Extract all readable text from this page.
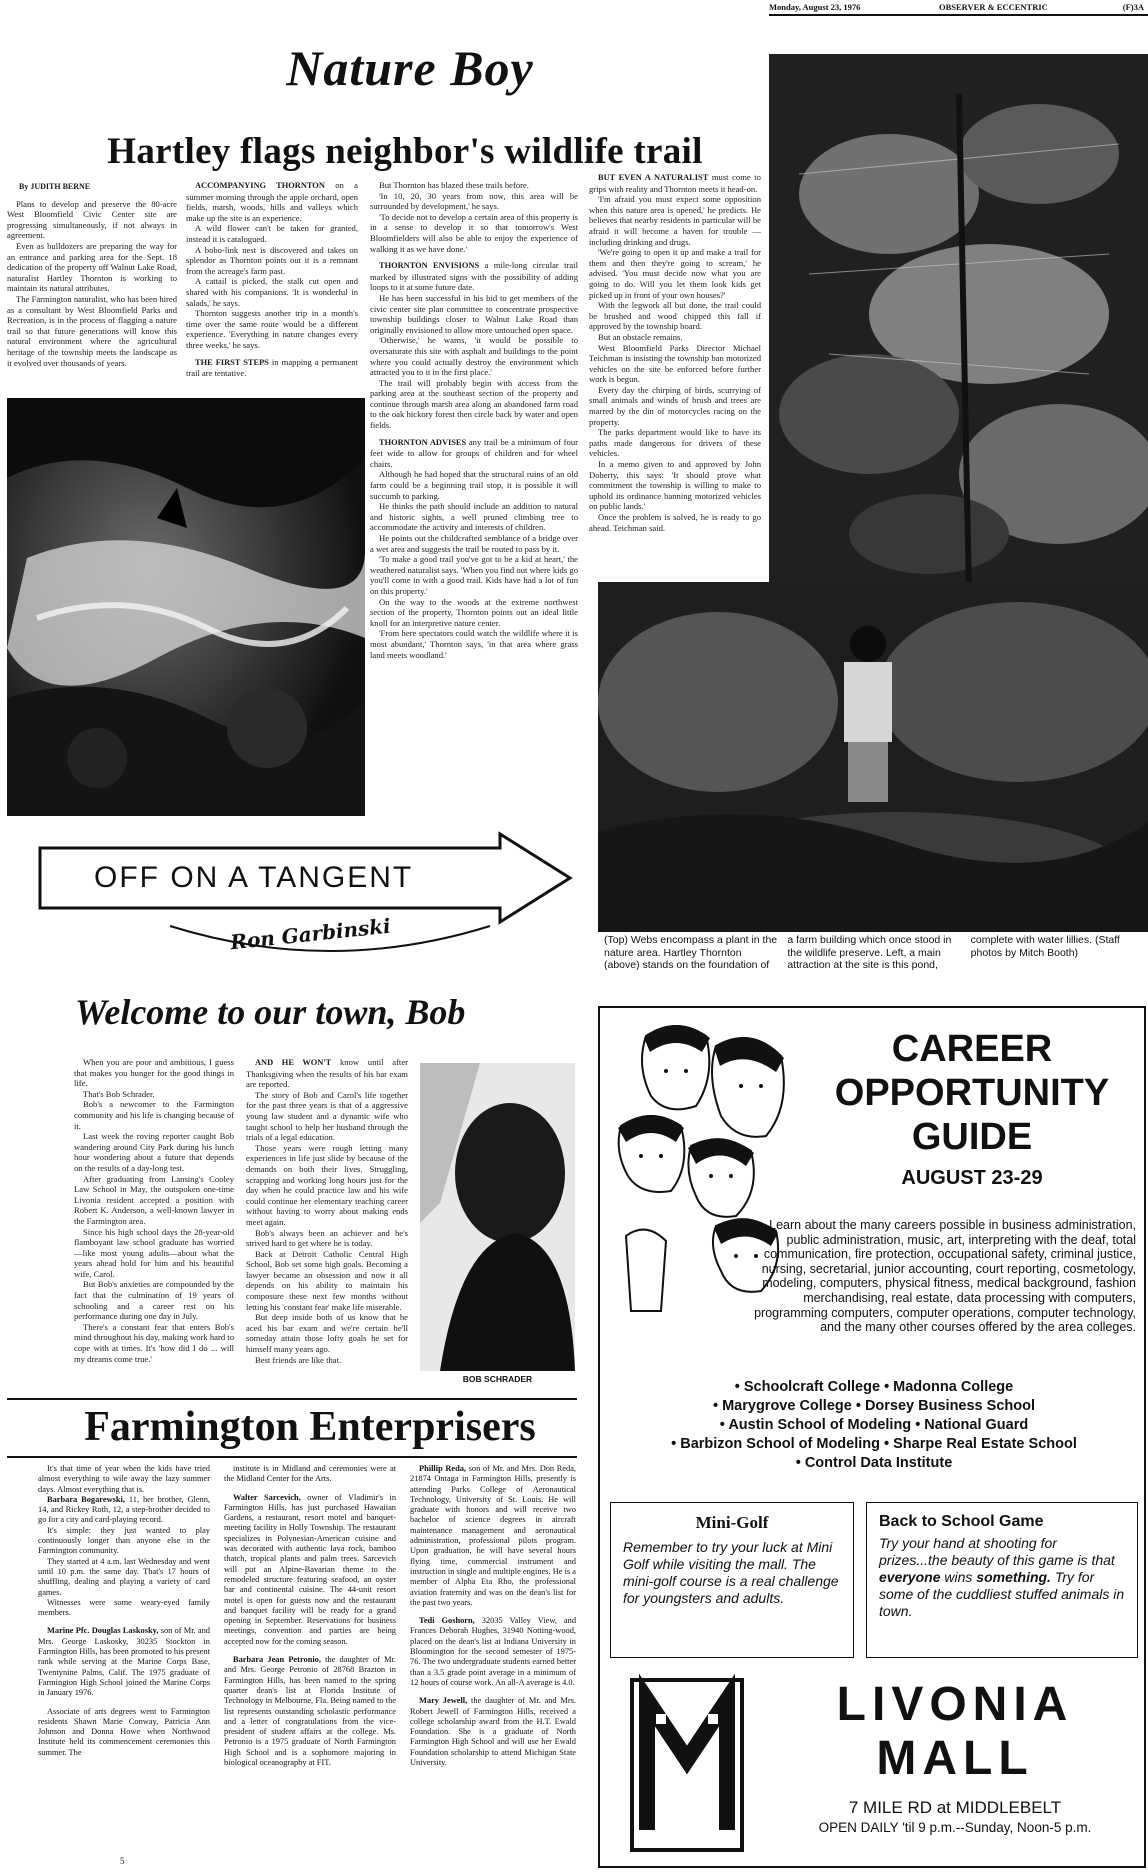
Monday, August 23, 1976	OBSERVER & ECCENTRIC	(F)3A
Nature Boy
Hartley flags neighbor's wildlife trail
By JUDITH BERNE

Plans to develop and preserve the 80-acre West Bloomfield Civic Center site are progressing simultaneously, if not always in agreement.

Even as bulldozers are preparing the way for an entrance and parking area for the Sept. 18 dedication of the property off Walnut Lake Road, naturalist Hartley Thornton is working to maintain its natural attributes.

The Farmington naturalist, who has been hired as a consultant by West Bloomfield Parks and Recreation, is in the process of flagging a nature trail so that future generations will know this natural environment where the agricultural heritage of the township meets the landscape as it evolved over thousands of years.

ACCOMPANYING THORNTON on a summer morning through the apple orchard, open fields, marsh, woods, hills and valleys which make up the site is an experience.

A wild flower can't be taken for granted, instead it is catalogued.

A bobo-link nest is discovered and takes on splendor as Thornton points out it is a remnant from the acreage's farm past.

A cattail is picked, the stalk cut open and shared with his companions. 'It is wonderful in salads,' he says.

Thornton suggests another trip in a month's time over the same route would be a different experience. 'Everything in nature changes every three weeks,' he says.

THE FIRST STEPS in mapping a permanent trail are tentative.

But Thornton has blazed these trails before.

'In 10, 20, 30 years from now, this area will be surrounded by development,' he says.

'To decide not to develop a certain area of this property is in a sense to develop it so that tomorrow's West Bloomfielders will also be able to enjoy the experience of walking it as we have done.'

THORNTON ENVISIONS a mile-long circular trail marked by illustrated signs with the possibility of adding loops to it at some future date.

He has been successful in his bid to get members of the civic center site plan committee to concentrate prospective township buildings closer to Walnut Lake Road than originally envisioned to allow more untouched open space.

'Otherwise,' he warns, 'it would be possible to oversaturate this site with asphalt and buildings to the point where you could actually destroy the environment which attracted you to it in the first place.'

The trail will probably begin with access from the parking area at the southeast section of the property and continue through marsh area along an abandoned farm road to the oak hickory forest then circle back by water and open fields.

THORNTON ADVISES any trail be a minimum of four feet wide to allow for groups of children and for wheel chairs.

Although he had hoped that the structural ruins of an old farm could be a beginning trail stop, it is possible it will succumb to parking.

He thinks the path should include an addition to natural and historic sights, a well pruned climbing tree to accommodate the activity and interests of children.

He points out the childcrafted semblance of a bridge over a wet area and suggests the trail be routed to pass by it.

'To make a good trail you've got to be a kid at heart,' the weathered naturalist says. 'When you find out where kids go you'll come in with a good trail. Kids have had a lot of fun on this property.'

On the way to the woods at the extreme northwest section of the property, Thornton points out an ideal little knoll for an interpretive nature center.

'From here spectators could watch the wildlife where it is most abundant,' Thornton says, 'in that area where grass land meets woodland.'

BUT EVEN A NATURALIST must come to grips with reality and Thornton meets it head-on.

'I'm afraid you must expect some opposition when this nature area is opened,' he predicts. He believes that nearby residents in particular will be afraid it will become a haven for trouble — including drinking and drugs.

'We're going to open it up and make a trail for them and then they're going to scream,' he advised. 'You must decide now what you are going to do. Will you let them look kids get picked up in front of your own houses?'

With the legwork all but done, the trail could be brushed and wood chipped this fall if approved by the township board.

But an obstacle remains.

West Bloomfield Parks Director Michael Teichman is insisting the township ban motorized vehicles on the site be enforced before further work is begun.

Every day the chirping of birds, scurrying of small animals and winds of brush and trees are marred by the din of motorcycles racing on the property.

The parks department would like to have its paths made dangerous for drivers of these vehicles.

In a memo given to and approved by John Doherty, this says: 'It should prove what commitment the township is willing to make to uphold its ordinance banning motorized vehicles on public lands.'

Once the problem is solved, he is ready to go ahead. Teichman said.

(Top) Webs encompass a plant in the nature area. Hartley Thornton (above) stands on the foundation of a farm building which once stood in the wildlife preserve. Left, a main attraction at the site is this pond, complete with water lillies. (Staff photos by Mitch Booth)
OFF ON A TANGENT
Ron Garbinski
Welcome to our town, Bob

When you are poor and ambitious, I guess that makes you hunger for the good things in life.

That's Bob Schrader.

Bob's a newcomer to the Farmington community and his life is changing because of it.

Last week the roving reporter caught Bob wandering around City Park during his lunch hour wondering about a future that depends on the results of a day-long test.

After graduating from Lansing's Cooley Law School in May, the outspoken one-time Livonia resident accepted a position with Robert K. Anderson, a well-known lawyer in the Farmington area.

Since his high school days the 28-year-old flamboyant law school graduate has worried—like most young adults—about what the years ahead hold for him and his beautiful wife, Carol.

But Bob's anxieties are compounded by the fact that the culmination of 19 years of schooling and a career rest on his performance during one day in July.

There's a constant fear that enters Bob's mind throughout his day, making work hard to cope with at times. It's 'how did I do ... will my dreams come true.'

AND HE WON'T know until after Thanksgiving when the results of his bar exam are reported.

The story of Bob and Carol's life together for the past three years is that of a aggressive young law student and a dynamic wife who taught school to help her husband through the trials of a legal education.

Those years were rough letting many experiences in life just slide by because of the demands on both their lives. Struggling, scrapping and working long hours just for the day when he could practice law and his wife could continue her elementary teaching career without having to worry about making ends meet again.

Bob's always been an achiever and he's strived hard to get where he is today.

Back at Detroit Catholic Central High School, Bob set some high goals. Becoming a lawyer became an obsession and now it all depends on his ability to maintain his composure these next few months without letting his 'constant fear' make life miserable.

But deep inside both of us know that he aced his bar exam and we're certain he'll someday attain those lofty goals he set for himself many years ago.

Best friends are like that.

BOB SCHRADER
Farmington Enterprisers

It's that time of year when the kids have tried almost everything to wile away the lazy summer days. Almost everything that is.

Barbara Bogarewski, 11, her brother, Glenn, 14, and Rickey Roth, 12, a step-brother decided to go for a city and card-playing record.

It's simple: they just wanted to play continuously longer than anyone else in the Farmington community.

They started at 4 a.m. last Wednesday and went until 10 p.m. the same day. That's 17 hours of shuffling, dealing and playing a variety of card games.

Witnesses were some weary-eyed family members.

Marine Pfc. Douglas Laskosky, son of Mr. and Mrs. George Laskosky, 30235 Stockton in Farmington Hills, has been promoted to his present rank while serving at the Marine Corps Base, Twentynine Palms, Calif. The 1975 graduate of Farmington High School joined the Marine Corps in January 1976.

Associate of arts degrees went to Farmington residents Shawn Marie Conway, Patricia Ann Johnson and Donna Howe when Northwood Institute held its commencement ceremonies this summer. The

institute is in Midland and ceremonies were at the Midland Center for the Arts.

Walter Sarcevich, owner of Vladimir's in Farmington Hills, has just purchased Hawaiian Gardens, a restaurant, resort motel and banquet-meeting facility in Holly Township. The restaurant specializes in Polynesian-American cuisine and was decorated with authentic lava rock, bamboo thatch, tropical plants and palm trees. Sarcevich will put an Alpine-Bavarian theme to the remodeled structure featuring seafood, an oyster bar and continental cuisine. The 44-unit resort motel is open for guests now and the restaurant and banquet facility will be ready for a grand opening in September. Reservations for business meetings, convention and parties are being accepted now for the coming season.

Barbara Jean Petronio, the daughter of Mr. and Mrs. George Petronio of 28768 Brazton in Farmington Hills, has been named to the spring quarter dean's list at Florida Institute of Technology in Melbourne, Fla. Being named to the list represents outstanding scholastic performance and a letter of congratulations from the vice-president of student affairs at the college. Ms. Petronio is a 1975 graduate of North Farmington High School and is a sophomore majoring in biological oceanography at FIT.

Phillip Reda, son of Mr. and Mrs. Don Reda, 21874 Ontaga in Farmington Hills, presently is attending Parks College of Aeronautical Technology, University of St. Louis. He will graduate with honors and will receive two bachelor of science degrees in aircraft maintenance management and aeronautical administration, professional pilots program. Upon graduation, he will have several hours flying time, commercial instrument and instruction in single and multiple engines. He is a member of Alpha Eta Rho, the professional aviation fraternity and was on the dean's list for the past two years.

Tedi Goshorn, 32035 Valley View, and Frances Deborah Hughes, 31940 Notting-wood, placed on the dean's list at Indiana University in Bloomington for the second semester of 1975-76. The two undergraduate students earned better than a 3.5 grade point average in a minimum of 12 hours of course work. An all-A average is 4.0.

Mary Jewell, the daughter of Mr. and Mrs. Robert Jewell of Farmington Hills, received a college scholarship award from the H.T. Ewald Foundation. She is a graduate of North Farmington High School and will use her Ewald Foundation scholarship to attend Michigan State University.

5
CAREER
OPPORTUNITY
GUIDE
AUGUST 23-29
Learn about the many careers possible in business administration, public administration, music, art, interpreting with the deaf, total communication, fire protection, occupational safety, criminal justice, nursing, secretarial, junior accounting, court reporting, cosmetology, modeling, computers, physical fitness, medical background, fashion merchandising, real estate, data processing with computers, programming computers, computer operations, computer technology, and the many other courses offered by the area colleges.
• Schoolcraft College • Madonna College
• Marygrove College • Dorsey Business School
• Austin School of Modeling • National Guard
• Barbizon School of Modeling • Sharpe Real Estate School
• Control Data Institute
Mini-Golf
Remember to try your luck at Mini Golf while visiting the mall. The mini-golf course is a real challenge for youngsters and adults.
Back to School Game
Try your hand at shooting for prizes...the beauty of this game is that everyone wins something. Try for some of the cuddliest stuffed animals in town.
LIVONIA MALL
7 MILE RD at MIDDLEBELT
OPEN DAILY 'til 9 p.m.--Sunday, Noon-5 p.m.
